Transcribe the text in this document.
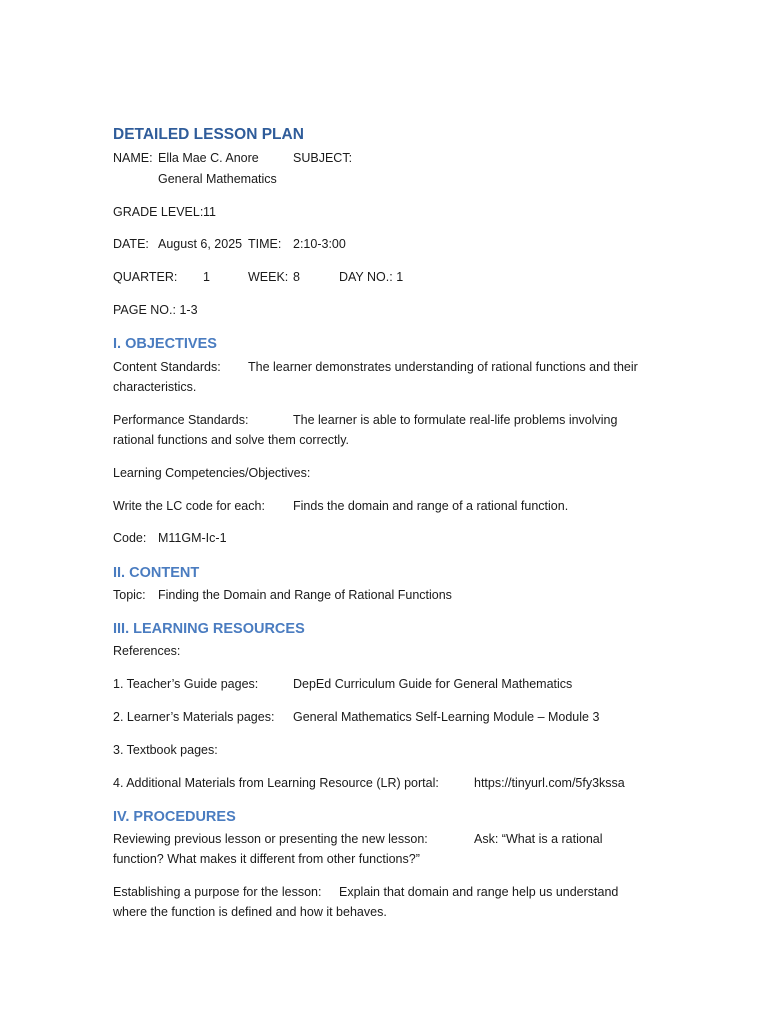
DETAILED LESSON PLAN
NAME: Ella Mae C. Anore	SUBJECT:
General Mathematics
GRADE LEVEL: 11
DATE: August 6, 2025 TIME: 2:10-3:00
QUARTER: 1	WEEK: 8	DAY NO.: 1
PAGE NO.: 1-3
I. OBJECTIVES
Content Standards: The learner demonstrates understanding of rational functions and their
characteristics.
Performance Standards:	The learner is able to formulate real-life problems involving
rational functions and solve them correctly.
Learning Competencies/Objectives:
Write the LC code for each: Finds the domain and range of a rational function.
Code: M11GM-Ic-1
II. CONTENT
Topic: Finding the Domain and Range of Rational Functions
III. LEARNING RESOURCES
References:
1. Teacher’s Guide pages:	DepEd Curriculum Guide for General Mathematics
2. Learner’s Materials pages: General Mathematics Self-Learning Module – Module 3
3. Textbook pages:
4. Additional Materials from Learning Resource (LR) portal:	https://tinyurl.com/5fy3kssa
IV. PROCEDURES
Reviewing previous lesson or presenting the new lesson:	Ask: “What is a rational
function? What makes it different from other functions?”
Establishing a purpose for the lesson: Explain that domain and range help us understand
where the function is defined and how it behaves.
